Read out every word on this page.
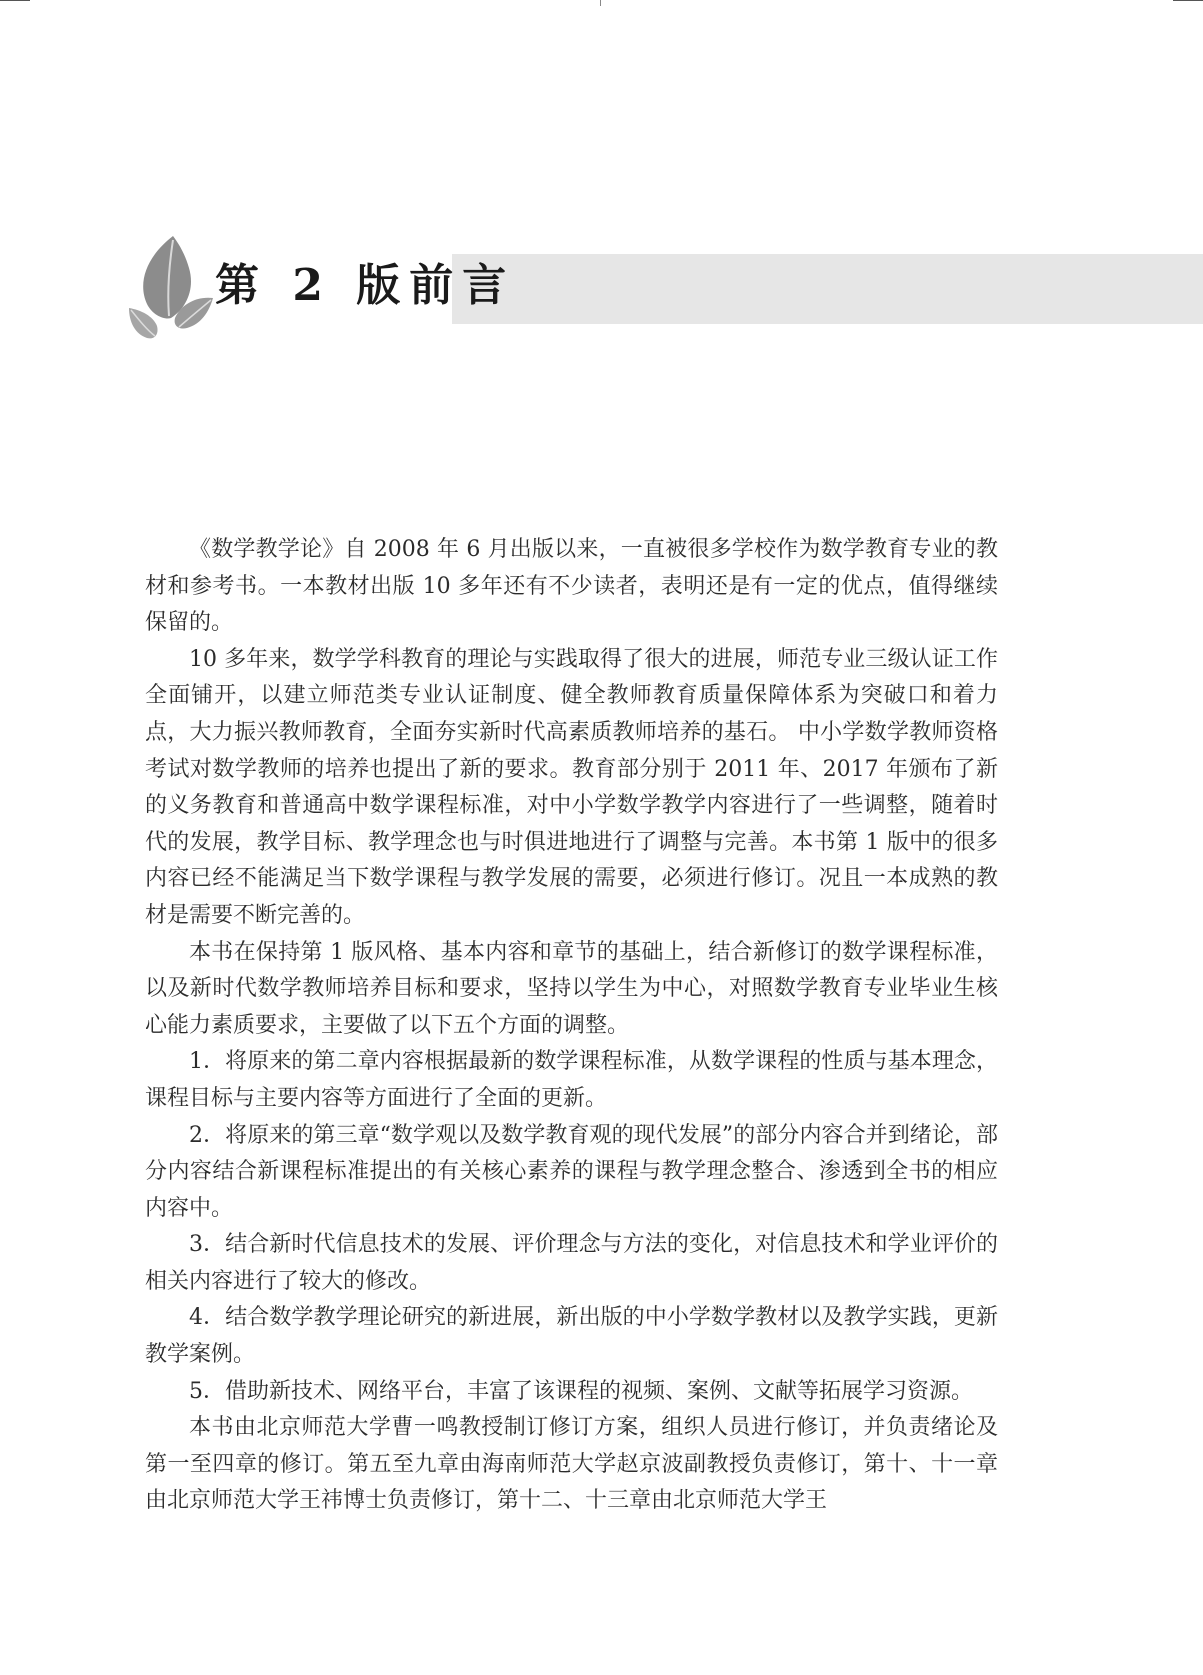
第 2 版前言

《数学教学论》自 2008 年 6 月出版以来，一直被很多学校作为数学教育专业的教材和参考书。一本教材出版 10 多年还有不少读者，表明还是有一定的优点，值得继续保留的。

10 多年来，数学学科教育的理论与实践取得了很大的进展，师范专业三级认证工作全面铺开，以建立师范类专业认证制度、健全教师教育质量保障体系为突破口和着力点，大力振兴教师教育，全面夯实新时代高素质教师培养的基石。 中小学数学教师资格考试对数学教师的培养也提出了新的要求。教育部分别于 2011 年、2017 年颁布了新的义务教育和普通高中数学课程标准，对中小学数学教学内容进行了一些调整，随着时代的发展，教学目标、教学理念也与时俱进地进行了调整与完善。本书第 1 版中的很多内容已经不能满足当下数学课程与教学发展的需要，必须进行修订。况且一本成熟的教材是需要不断完善的。

本书在保持第 1 版风格、基本内容和章节的基础上，结合新修订的数学课程标准，以及新时代数学教师培养目标和要求，坚持以学生为中心，对照数学教育专业毕业生核心能力素质要求，主要做了以下五个方面的调整。

1．将原来的第二章内容根据最新的数学课程标准，从数学课程的性质与基本理念，课程目标与主要内容等方面进行了全面的更新。

2．将原来的第三章“数学观以及数学教育观的现代发展”的部分内容合并到绪论，部分内容结合新课程标准提出的有关核心素养的课程与教学理念整合、渗透到全书的相应内容中。

3．结合新时代信息技术的发展、评价理念与方法的变化，对信息技术和学业评价的相关内容进行了较大的修改。

4．结合数学教学理论研究的新进展，新出版的中小学数学教材以及教学实践，更新教学案例。

5．借助新技术、网络平台，丰富了该课程的视频、案例、文献等拓展学习资源。

本书由北京师范大学曹一鸣教授制订修订方案，组织人员进行修订，并负责绪论及第一至四章的修订。第五至九章由海南师范大学赵京波副教授负责修订，第十、十一章由北京师范大学王祎博士负责修订，第十二、十三章由北京师范大学王
